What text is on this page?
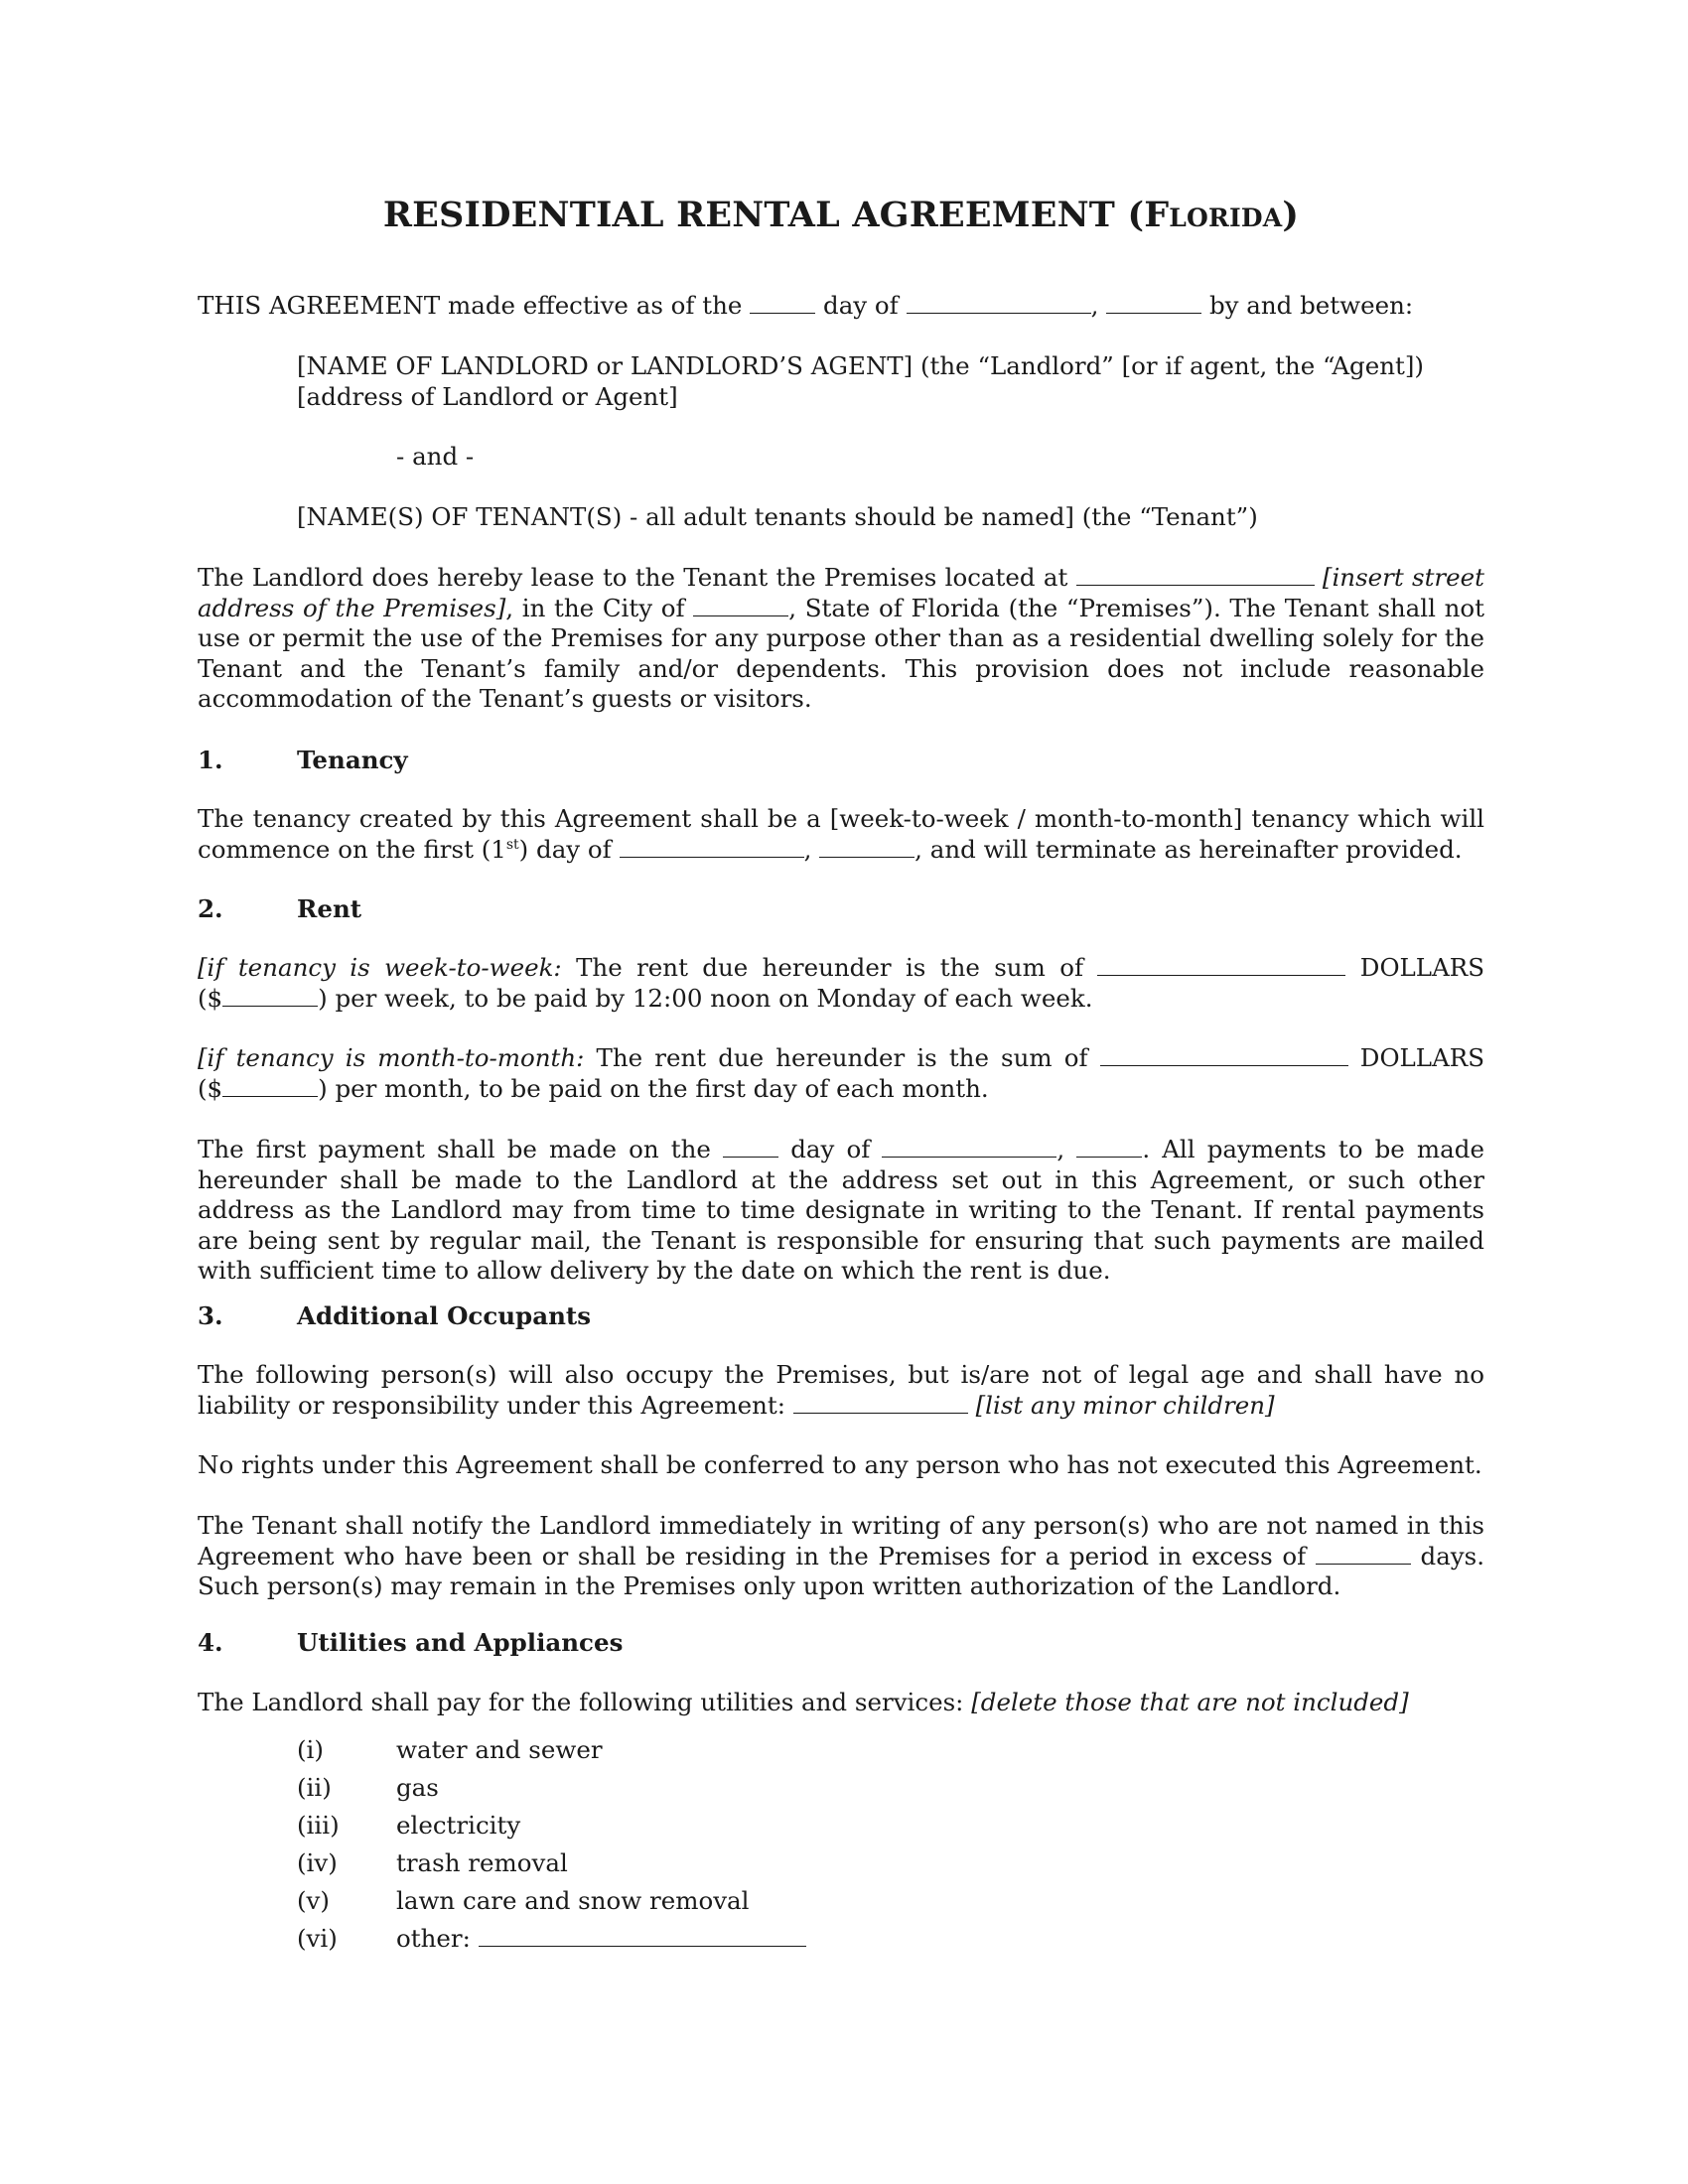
RESIDENTIAL RENTAL AGREEMENT (Florida)
THIS AGREEMENT made effective as of the	day of	,	by and between:
[NAME OF LANDLORD or LANDLORD’S AGENT] (the “Landlord” [or if agent, the “Agent])
[address of Landlord or Agent]
- and -
[NAME(S) OF TENANT(S) - all adult tenants should be named] (the “Tenant”)
The Landlord does hereby lease to the Tenant the Premises located at	[insert street address of the Premises], in the City of	, State of Florida (the “Premises”). The Tenant shall not use or permit the use of the Premises for any purpose other than as a residential dwelling solely for the Tenant and the Tenant’s family and/or dependents. This provision does not include reasonable accommodation of the Tenant’s guests or visitors.
1.	Tenancy
The tenancy created by this Agreement shall be a [week-to-week / month-to-month] tenancy which will commence on the first (1st) day of	,	, and will terminate as hereinafter provided.
2.	Rent
[if tenancy is week-to-week: The rent due hereunder is the sum of	DOLLARS
($	) per week, to be paid by 12:00 noon on Monday of each week.
[if tenancy is month-to-month: The rent due hereunder is the sum of	DOLLARS
($	) per month, to be paid on the first day of each month.
The first payment shall be made on the	day of	,	. All payments to be made hereunder shall be made to the Landlord at the address set out in this Agreement, or such other address as the Landlord may from time to time designate in writing to the Tenant. If rental payments are being sent by regular mail, the Tenant is responsible for ensuring that such payments are mailed with sufficient time to allow delivery by the date on which the rent is due.
3.	Additional Occupants
The following person(s) will also occupy the Premises, but is/are not of legal age and shall have no liability or responsibility under this Agreement:	[list any minor children]
No rights under this Agreement shall be conferred to any person who has not executed this Agreement.
The Tenant shall notify the Landlord immediately in writing of any person(s) who are not named in this Agreement who have been or shall be residing in the Premises for a period in excess of	days. Such person(s) may remain in the Premises only upon written authorization of the Landlord.
4.	Utilities and Appliances
The Landlord shall pay for the following utilities and services: [delete those that are not included]
(i)	water and sewer
(ii)	gas
(iii) electricity
(iv) trash removal
(v)	lawn care and snow removal
(vi) other:
